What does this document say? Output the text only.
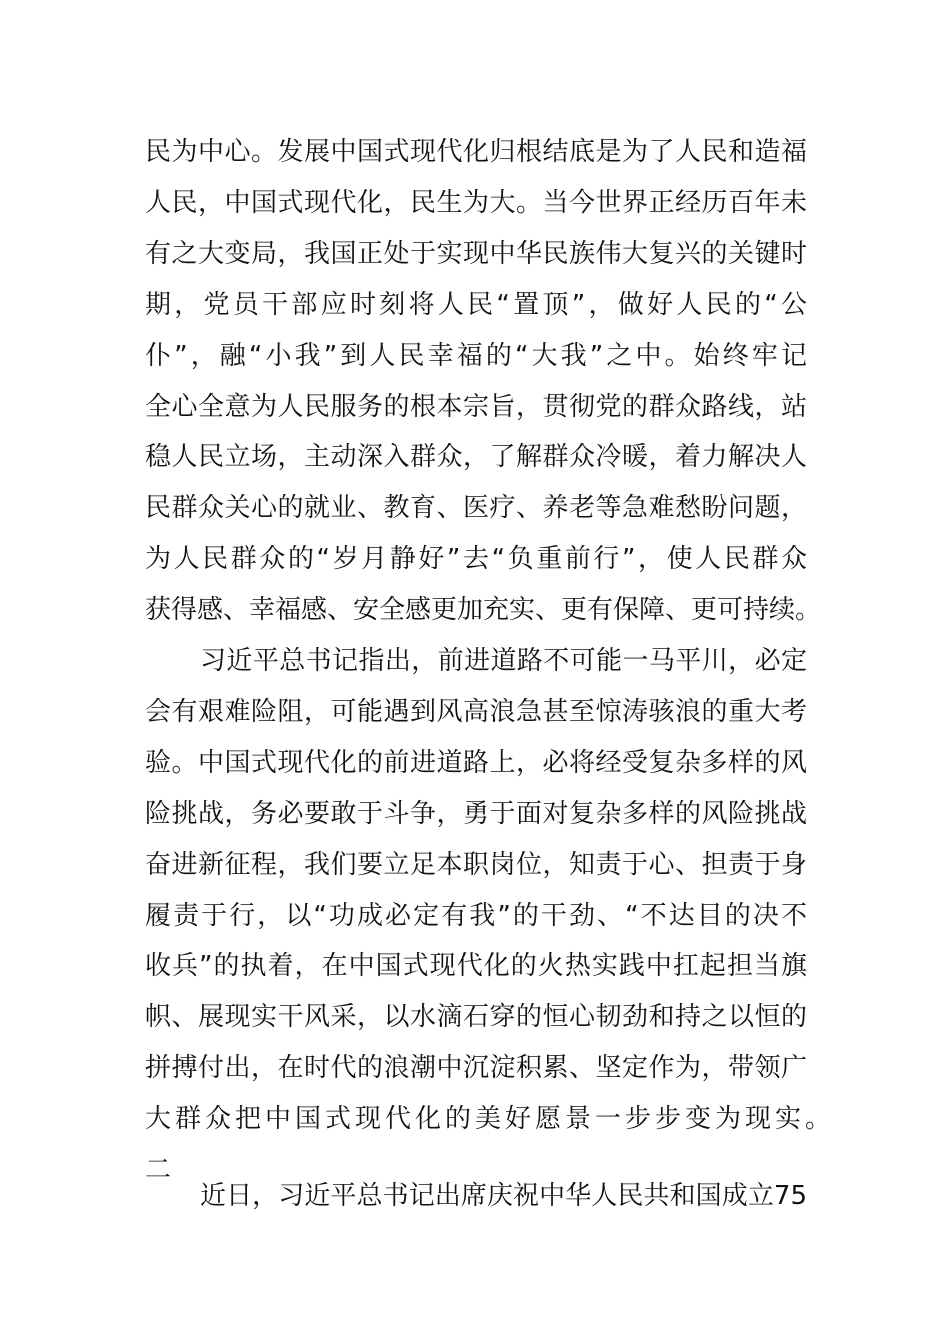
民为中心。发展中国式现代化归根结底是为了人民和造福
人民，中国式现代化，民生为大。当今世界正经历百年未
有之大变局，我国正处于实现中华民族伟大复兴的关键时
期，党员干部应时刻将人民“置顶”，做好人民的“公
仆”，融“小我”到人民幸福的“大我”之中。始终牢记
全心全意为人民服务的根本宗旨，贯彻党的群众路线，站
稳人民立场，主动深入群众，了解群众冷暖，着力解决人
民群众关心的就业、教育、医疗、养老等急难愁盼问题，
为人民群众的“岁月静好”去“负重前行”，使人民群众
获得感、幸福感、安全感更加充实、更有保障、更可持续。
习近平总书记指出，前进道路不可能一马平川，必定
会有艰难险阻，可能遇到风高浪急甚至惊涛骇浪的重大考
验。中国式现代化的前进道路上，必将经受复杂多样的风
险挑战，务必要敢于斗争，勇于面对复杂多样的风险挑战
奋进新征程，我们要立足本职岗位，知责于心、担责于身
履责于行，以“功成必定有我”的干劲、“不达目的决不
收兵”的执着，在中国式现代化的火热实践中扛起担当旗
帜、展现实干风采，以水滴石穿的恒心韧劲和持之以恒的
拼搏付出，在时代的浪潮中沉淀积累、坚定作为，带领广
大群众把中国式现代化的美好愿景一步步变为现实。
二
近日，习近平总书记出席庆祝中华人民共和国成立75
